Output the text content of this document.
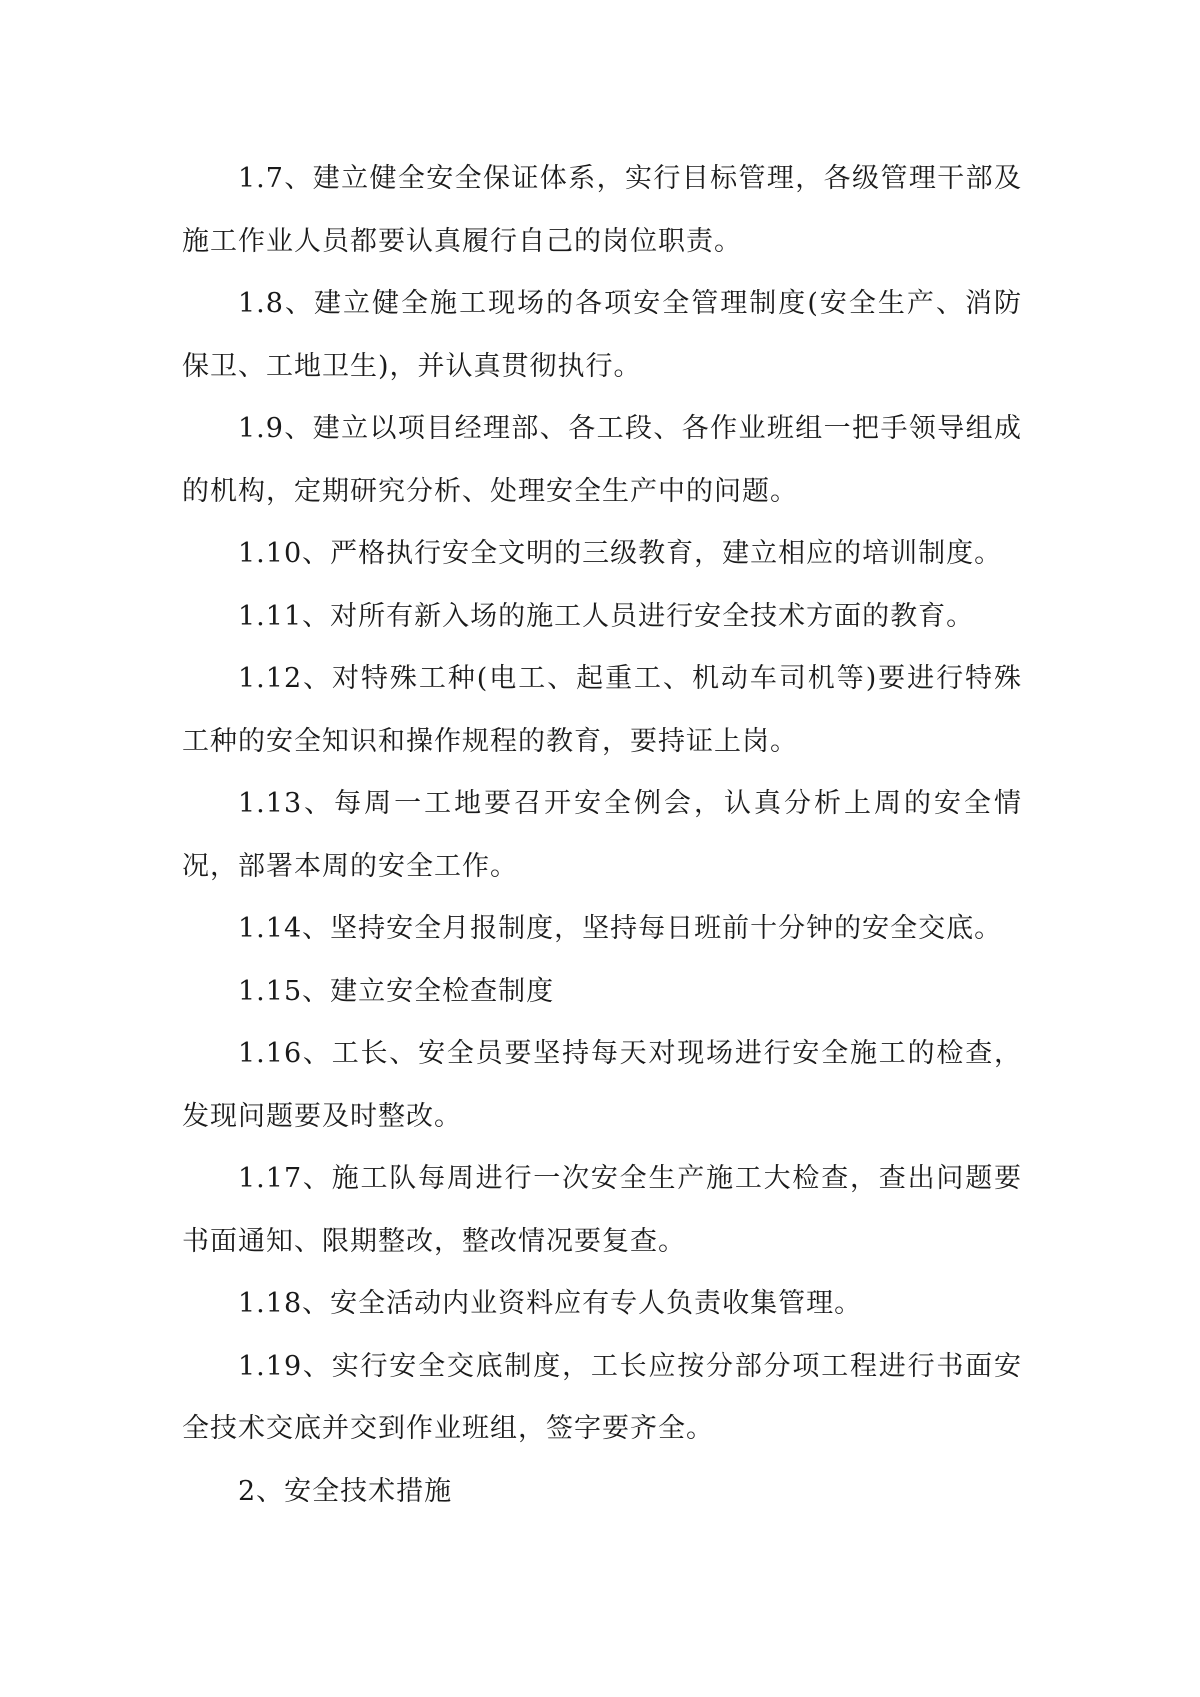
1.7、建立健全安全保证体系，实行目标管理，各级管理干部及施工作业人员都要认真履行自己的岗位职责。

1.8、建立健全施工现场的各项安全管理制度(安全生产、消防保卫、工地卫生)，并认真贯彻执行。

1.9、建立以项目经理部、各工段、各作业班组一把手领导组成的机构，定期研究分析、处理安全生产中的问题。

1.10、严格执行安全文明的三级教育，建立相应的培训制度。

1.11、对所有新入场的施工人员进行安全技术方面的教育。

1.12、对特殊工种(电工、起重工、机动车司机等)要进行特殊工种的安全知识和操作规程的教育，要持证上岗。

1.13、每周一工地要召开安全例会，认真分析上周的安全情况，部署本周的安全工作。

1.14、坚持安全月报制度，坚持每日班前十分钟的安全交底。

1.15、建立安全检查制度

1.16、工长、安全员要坚持每天对现场进行安全施工的检查，发现问题要及时整改。

1.17、施工队每周进行一次安全生产施工大检查，查出问题要书面通知、限期整改，整改情况要复查。

1.18、安全活动内业资料应有专人负责收集管理。

1.19、实行安全交底制度，工长应按分部分项工程进行书面安全技术交底并交到作业班组，签字要齐全。

2、安全技术措施
